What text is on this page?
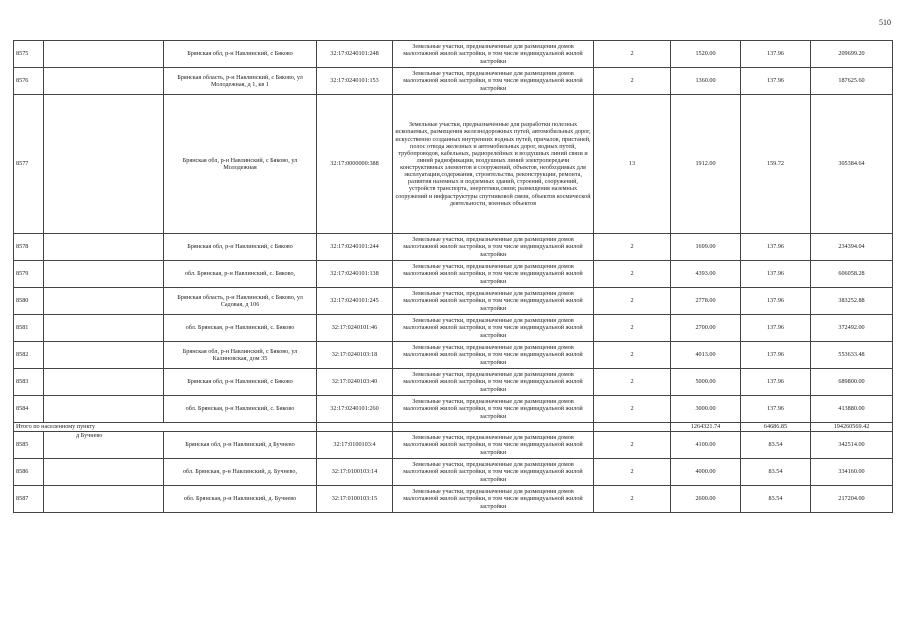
510
8575		Брянская обл, р-н Навлинский, с Бяково	32:17:0240101:248	Земельные участки, предназначенные для размещения домов малоэтажной жилой застройки, в том числе индивидуальной жилой застройки	2	1520.00	137.96	209699.20
8576		Брянская область, р-н Навлинский, с Бяково, ул Молодежная, д 1, кв 1	32:17:0240101:153	Земельные участки, предназначенные для размещения домов малоэтажной жилой застройки, в том числе индивидуальной жилой застройки	2	1360.00	137.96	187625.60
8577		Брянская обл, р-н Навлинский, с Бяково, ул Молодежная	32:17:0000000:388	Земельные участки, предназначенные для разработки полезных ископаемых, размещения железнодорожных путей, автомобильных дорог, искусственно созданных внутренних водных путей, причалов, пристаней, полос отвода железных и автомобильных дорог, водных путей, трубопроводов, кабельных, радиорелейных и воздушных линий связи и линий радиофикации, воздушных линий электропередачи конструктивных элементов и сооружений, объектов, необходимых для эксплуатации,содержания, строительства, реконструкции, ремонта, развития наземных и подземных зданий, строений, сооружений, устройств транспорта, энергетики,связи; размещения наземных сооружений и инфраструктуры спутниковой связи, объектов космической деятельности, военных объектов	13	1912.00	159.72	305384.64
8578		Брянская обл, р-н Навлинский, с Бяково	32:17:0240101:244	Земельные участки, предназначенные для размещения домов малоэтажной жилой застройки, в том числе индивидуальной жилой застройки	2	1699.00	137.96	234394.04
8579		обл. Брянская, р-н Навлинский, с. Бяково,	32:17:0240101:138	Земельные участки, предназначенные для размещения домов малоэтажной жилой застройки, в том числе индивидуальной жилой застройки	2	4393.00	137.96	606058.28
8580		Брянская область, р-н Навлинский, с Бяково, ул Садовая, д 106	32:17:0240101:245	Земельные участки, предназначенные для размещения домов малоэтажной жилой застройки, в том числе индивидуальной жилой застройки	2	2778.00	137.96	383252.88
8581		обл. Брянская, р-н Навлинский, с. Бяково	32:17:0240101:46	Земельные участки, предназначенные для размещения домов малоэтажной жилой застройки, в том числе индивидуальной жилой застройки	2	2700.00	137.96	372492.00
8582		Брянская обл, р-н Навлинский, с Бяково, ул Калиновская, дом 35	32:17:0240103:18	Земельные участки, предназначенные для размещения домов малоэтажной жилой застройки, в том числе индивидуальной жилой застройки	2	4013.00	137.96	553633.48
8583		Брянская обл, р-н Навлинский, с Бяково	32:17:0240103:40	Земельные участки, предназначенные для размещения домов малоэтажной жилой застройки, в том числе индивидуальной жилой застройки	2	5000.00	137.96	689800.00
8584		обл. Брянская, р-н Навлинский, с. Бяково	32:17:0240101:260	Земельные участки, предназначенные для размещения домов малоэтажной жилой застройки, в том числе индивидуальной жилой застройки	2	3000.00	137.96	413880.00
Итого по населенному пункту						1264321.74	64686.85	194260569.42
8585	д Бучнево	Брянская обл, р-н Навлинский, д Бучнево	32:17:0100103:4	Земельные участки, предназначенные для размещения домов малоэтажной жилой застройки, в том числе индивидуальной жилой застройки	2	4100.00	83.54	342514.00
8586		обл. Брянская, р-н Навлинский, д. Бучнево,	32:17:0100103:14	Земельные участки, предназначенные для размещения домов малоэтажной жилой застройки, в том числе индивидуальной жилой застройки	2	4000.00	83.54	334160.00
8587		обл. Брянская, р-н Навлинский, д. Бучнево	32:17:0100103:15	Земельные участки, предназначенные для размещения домов малоэтажной жилой застройки, в том числе индивидуальной жилой застройки	2	2600.00	83.54	217204.00
